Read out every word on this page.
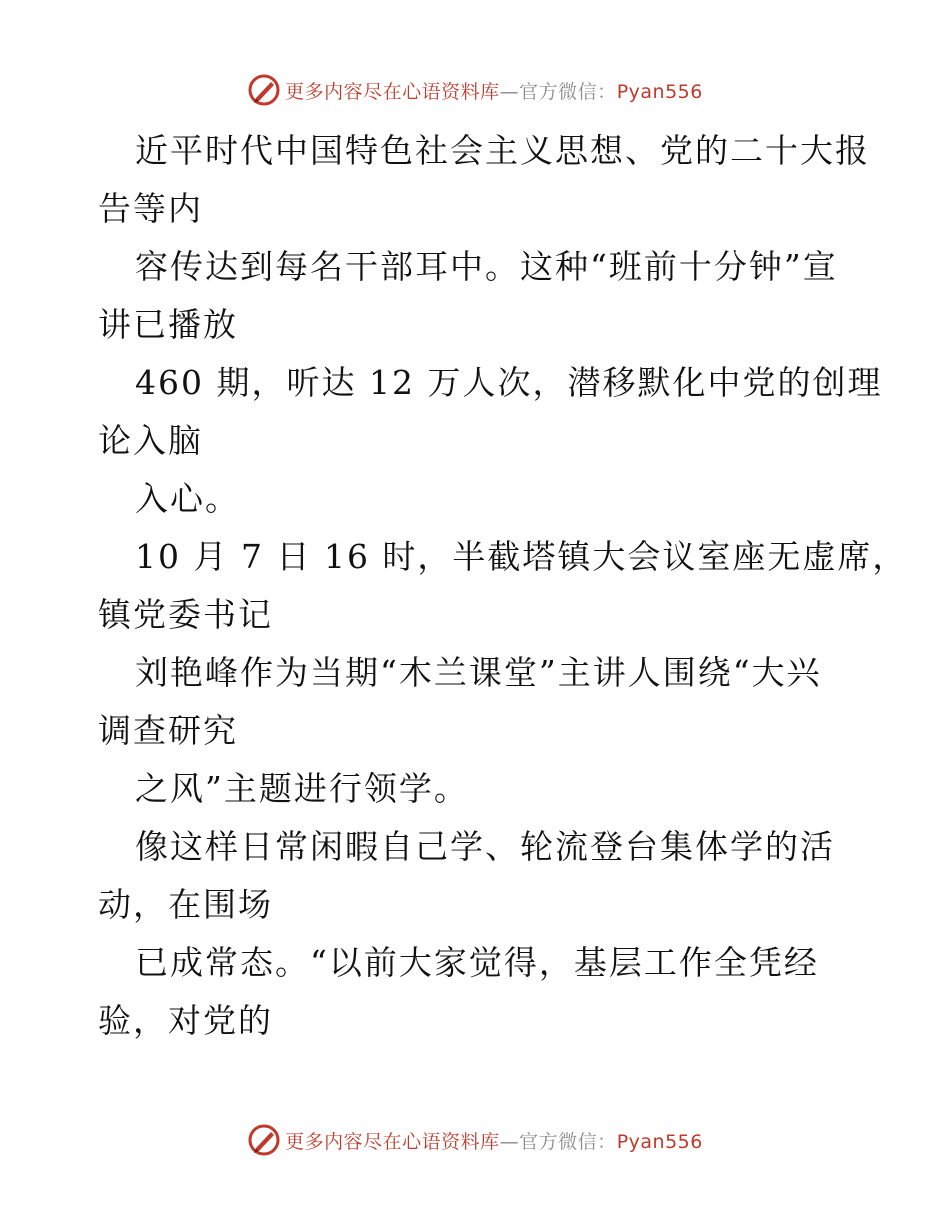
更多内容尽在心语资料库—官方微信：Pyan556
近平时代中国特色社会主义思想、党的二十大报
告等内
容传达到每名干部耳中。这种“班前十分钟”宣
讲已播放
460 期，听达 12 万人次，潜移默化中党的创理
论入脑
入心。
10 月 7 日 16 时，半截塔镇大会议室座无虚席，
镇党委书记
刘艳峰作为当期“木兰课堂”主讲人围绕“大兴
调查研究
之风”主题进行领学。
像这样日常闲暇自己学、轮流登台集体学的活
动，在围场
已成常态。“以前大家觉得，基层工作全凭经
验，对党的
更多内容尽在心语资料库—官方微信：Pyan556
